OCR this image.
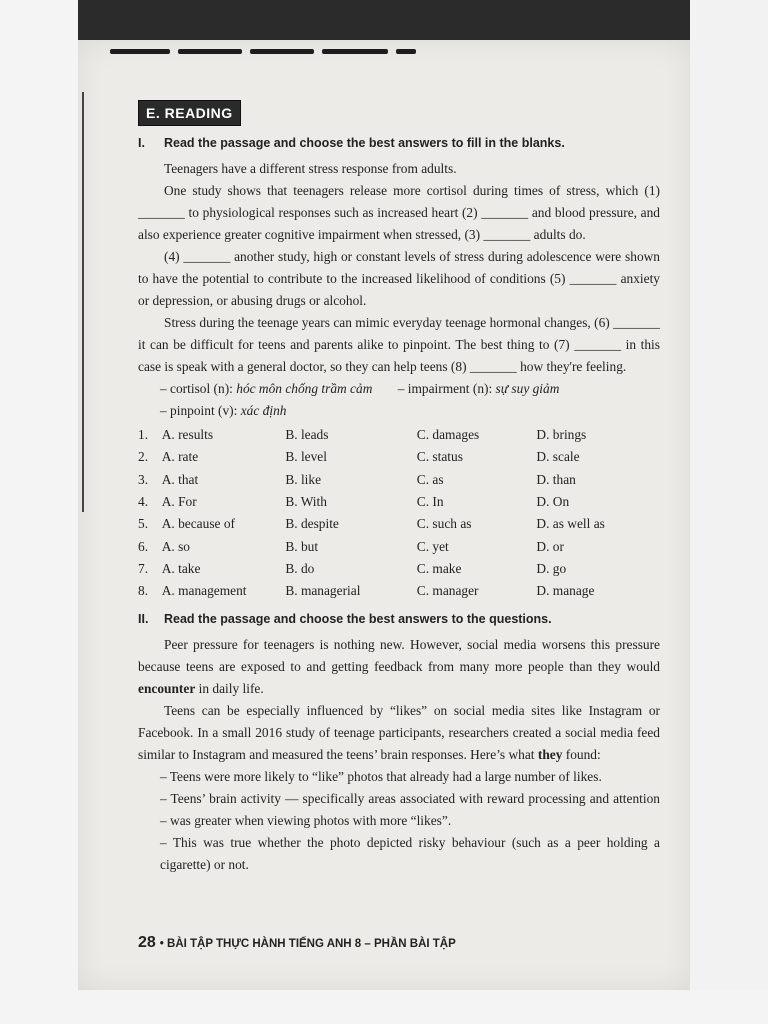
E. READING
I. Read the passage and choose the best answers to fill in the blanks.

Teenagers have a different stress response from adults.

One study shows that teenagers release more cortisol during times of stress, which (1) _______ to physiological responses such as increased heart (2) _______ and blood pressure, and also experience greater cognitive impairment when stressed, (3) _______ adults do.

(4) _______ another study, high or constant levels of stress during adolescence were shown to have the potential to contribute to the increased likelihood of conditions (5) _______ anxiety or depression, or abusing drugs or alcohol.

Stress during the teenage years can mimic everyday teenage hormonal changes, (6) _______ it can be difficult for teens and parents alike to pinpoint. The best thing to (7) _______ in this case is speak with a general doctor, so they can help teens (8) _______ how they're feeling.

– cortisol (n): hóc môn chống trầm cảm – impairment (n): sự suy giảm
– pinpoint (v): xác định
1.	A. results	B. leads	C. damages	D. brings
2.	A. rate	B. level	C. status	D. scale
3.	A. that	B. like	C. as	D. than
4.	A. For	B. With	C. In	D. On
5.	A. because of	B. despite	C. such as	D. as well as
6.	A. so	B. but	C. yet	D. or
7.	A. take	B. do	C. make	D. go
8.	A. management	B. managerial	C. manager	D. manage
II. Read the passage and choose the best answers to the questions.

Peer pressure for teenagers is nothing new. However, social media worsens this pressure because teens are exposed to and getting feedback from many more people than they would encounter in daily life.

Teens can be especially influenced by “likes” on social media sites like Instagram or Facebook. In a small 2016 study of teenage participants, researchers created a social media feed similar to Instagram and measured the teens’ brain responses. Here’s what they found:

– Teens were more likely to “like” photos that already had a large number of likes.

– Teens’ brain activity — specifically areas associated with reward processing and attention – was greater when viewing photos with more “likes”.

– This was true whether the photo depicted risky behaviour (such as a peer holding a cigarette) or not.

28 • BÀI TẬP THỰC HÀNH TIẾNG ANH 8 – PHẦN BÀI TẬP
